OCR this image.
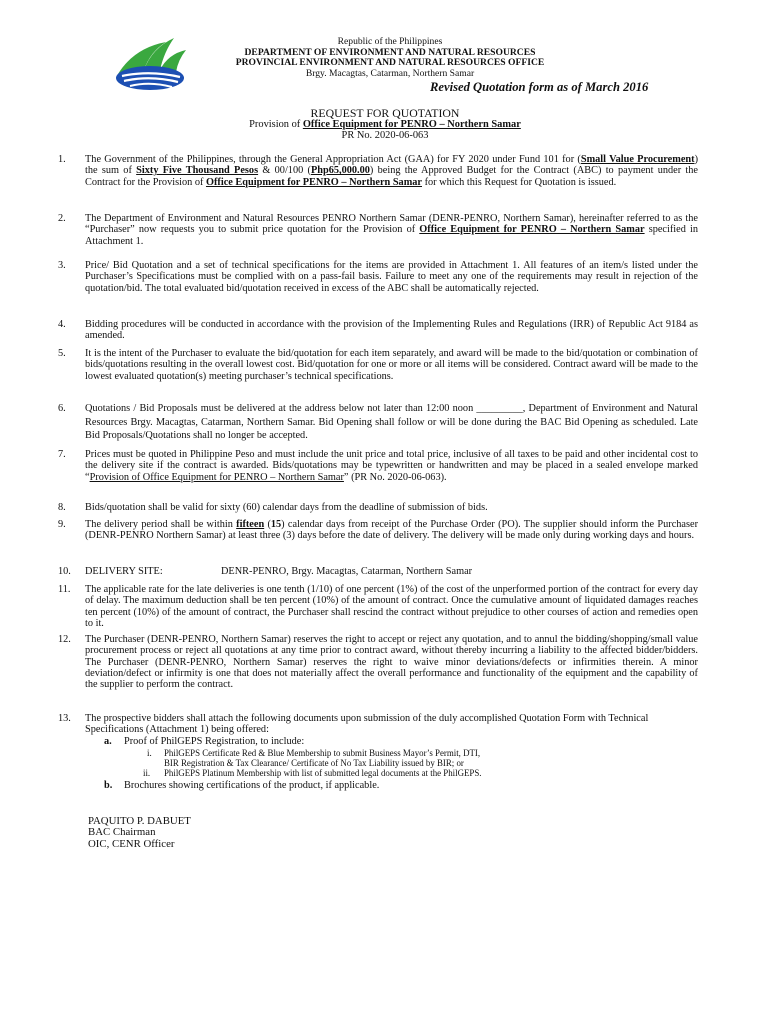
Republic of the Philippines
DEPARTMENT OF ENVIRONMENT AND NATURAL RESOURCES
PROVINCIAL ENVIRONMENT AND NATURAL RESOURCES OFFICE
Brgy. Macagtas, Catarman, Northern Samar
Revised Quotation form as of March 2016
REQUEST FOR QUOTATION
Provision of Office Equipment for PENRO – Northern Samar
PR No. 2020-06-063
1.	The Government of the Philippines, through the General Appropriation Act (GAA) for FY 2020 under Fund 101 for (Small Value Procurement) the sum of Sixty Five Thousand Pesos & 00/100 (Php65,000.00) being the Approved Budget for the Contract (ABC) to payment under the Contract for the Provision of Office Equipment for PENRO – Northern Samar for which this Request for Quotation is issued.
2.	The Department of Environment and Natural Resources PENRO Northern Samar (DENR-PENRO, Northern Samar), hereinafter referred to as the “Purchaser” now requests you to submit price quotation for the Provision of Office Equipment for PENRO – Northern Samar specified in Attachment 1.
3.	Price/ Bid Quotation and a set of technical specifications for the items are provided in Attachment 1. All features of an item/s listed under the Purchaser’s Specifications must be complied with on a pass-fail basis. Failure to meet any one of the requirements may result in rejection of the quotation/bid. The total evaluated bid/quotation received in excess of the ABC shall be automatically rejected.
4.	Bidding procedures will be conducted in accordance with the provision of the Implementing Rules and Regulations (IRR) of Republic Act 9184 as amended.
5.	It is the intent of the Purchaser to evaluate the bid/quotation for each item separately, and award will be made to the bid/quotation or combination of bids/quotations resulting in the overall lowest cost. Bid/quotation for one or more or all items will be considered. Contract award will be made to the lowest evaluated quotation(s) meeting purchaser’s technical specifications.
6.	Quotations / Bid Proposals must be delivered at the address below not later than 12:00 noon _________, Department of Environment and Natural Resources Brgy. Macagtas, Catarman, Northern Samar. Bid Opening shall follow or will be done during the BAC Bid Opening as scheduled. Late Bid Proposals/Quotations shall no longer be accepted.
7.	Prices must be quoted in Philippine Peso and must include the unit price and total price, inclusive of all taxes to be paid and other incidental cost to the delivery site if the contract is awarded. Bids/quotations may be typewritten or handwritten and may be placed in a sealed envelope marked “Provision of Office Equipment for PENRO – Northern Samar” (PR No. 2020-06-063).
8.	Bids/quotation shall be valid for sixty (60) calendar days from the deadline of submission of bids.
9.	The delivery period shall be within fifteen (15) calendar days from receipt of the Purchase Order (PO). The supplier should inform the Purchaser (DENR-PENRO Northern Samar) at least three (3) days before the date of delivery. The delivery will be made only during working days and hours.
10.	DELIVERY SITE:	DENR-PENRO, Brgy. Macagtas, Catarman, Northern Samar
11.	The applicable rate for the late deliveries is one tenth (1/10) of one percent (1%) of the cost of the unperformed portion of the contract for every day of delay. The maximum deduction shall be ten percent (10%) of the amount of contract. Once the cumulative amount of liquidated damages reaches ten percent (10%) of the amount of contract, the Purchaser shall rescind the contract without prejudice to other courses of action and remedies open to it.
12.	The Purchaser (DENR-PENRO, Northern Samar) reserves the right to accept or reject any quotation, and to annul the bidding/shopping/small value procurement process or reject all quotations at any time prior to contract award, without thereby incurring a liability to the affected bidder/bidders. The Purchaser (DENR-PENRO, Northern Samar) reserves the right to waive minor deviations/defects or infirmities therein. A minor deviation/defect or infirmity is one that does not materially affect the overall performance and functionality of the equipment and the capability of the supplier to perform the contract.
13.	The prospective bidders shall attach the following documents upon submission of the duly accomplished Quotation Form with Technical Specifications (Attachment 1) being offered:
a. Proof of PhilGEPS Registration, to include:
i. PhilGEPS Certificate Red & Blue Membership to submit Business Mayor’s Permit, DTI,
BIR Registration & Tax Clearance/ Certificate of No Tax Liability issued by BIR; or
ii. PhilGEPS Platinum Membership with list of submitted legal documents at the PhilGEPS.
b. Brochures showing certifications of the product, if applicable.
PAQUITO P. DABUET
BAC Chairman
OIC, CENR Officer
